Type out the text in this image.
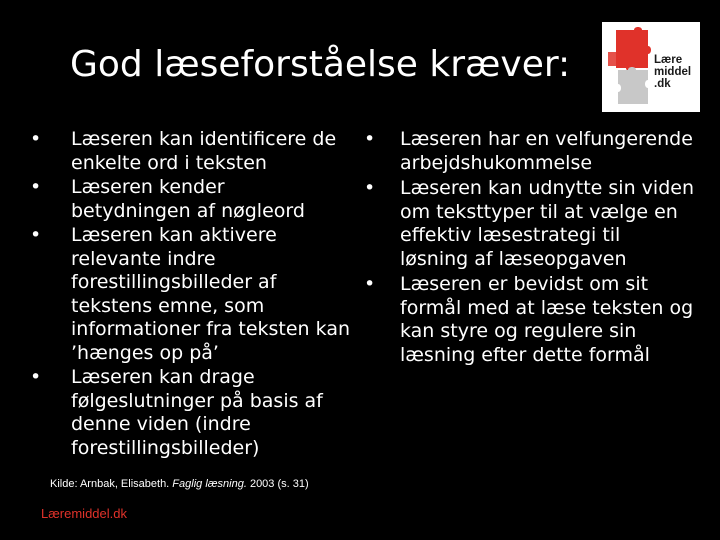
God læseforståelse kræver:	Lære
middel
.dk
•	Læseren kan identificere de enkelte ord i teksten
•	Læseren kender betydningen af nøgleord
•	Læseren kan aktivere relevante indre forestillingsbilleder af tekstens emne, som informationer fra teksten kan ’hænges op på’
•	Læseren kan drage følgeslutninger på basis af denne viden (indre forestillingsbilleder)
•	Læseren har en velfungerende arbejdshukommelse
•	Læseren kan udnytte sin viden om teksttyper til at vælge en effektiv læsestrategi til løsning af læseopgaven
•	Læseren er bevidst om sit formål med at læse teksten og kan styre og regulere sin læsning efter dette formål
Kilde: Arnbak, Elisabeth. Faglig læsning. 2003 (s. 31)
Læremiddel.dk
